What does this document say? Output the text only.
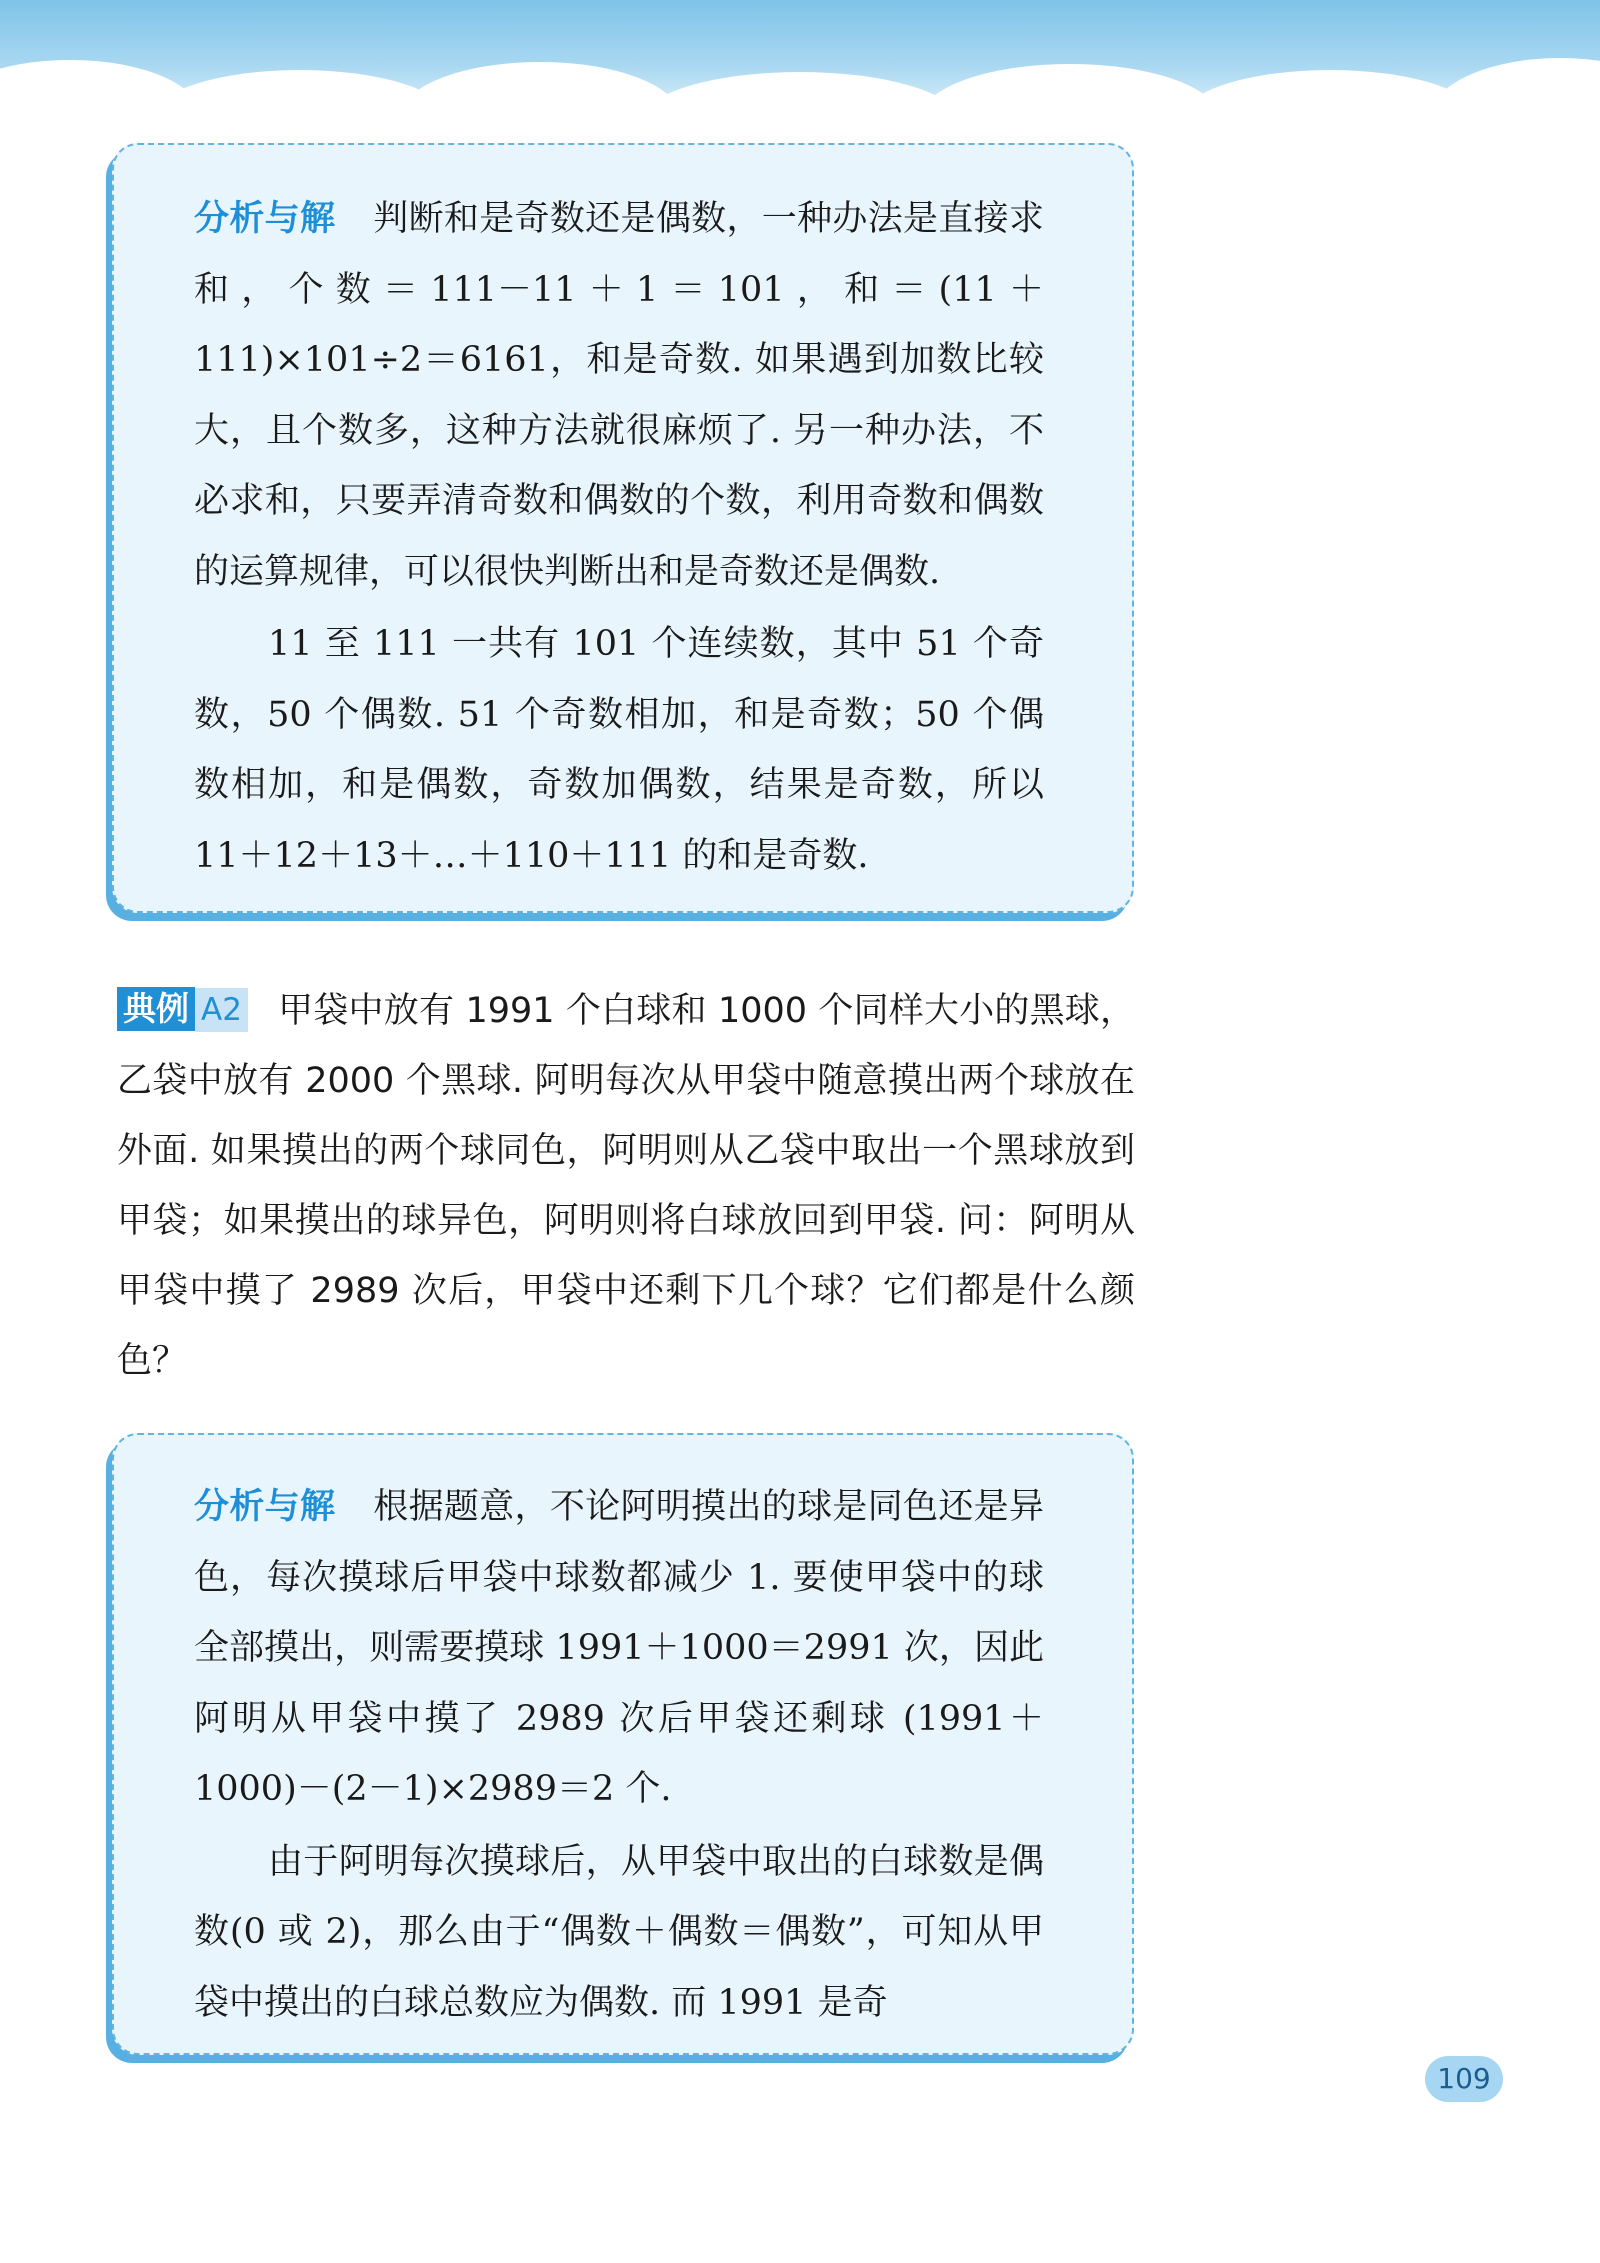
分析与解 判断和是奇数还是偶数，一种办法是直接求和，个数＝111－11＋1＝101，和＝(11＋111)×101÷2＝6161，和是奇数. 如果遇到加数比较大，且个数多，这种方法就很麻烦了. 另一种办法，不必求和，只要弄清奇数和偶数的个数，利用奇数和偶数的运算规律，可以很快判断出和是奇数还是偶数.

11 至 111 一共有 101 个连续数，其中 51 个奇数，50 个偶数. 51 个奇数相加，和是奇数；50 个偶数相加，和是偶数，奇数加偶数，结果是奇数，所以 11＋12＋13＋…＋110＋111 的和是奇数.

典例 A2 甲袋中放有 1991 个白球和 1000 个同样大小的黑球，乙袋中放有 2000 个黑球. 阿明每次从甲袋中随意摸出两个球放在外面. 如果摸出的两个球同色，阿明则从乙袋中取出一个黑球放到甲袋；如果摸出的球异色，阿明则将白球放回到甲袋. 问：阿明从甲袋中摸了 2989 次后，甲袋中还剩下几个球？它们都是什么颜色？

分析与解 根据题意，不论阿明摸出的球是同色还是异色，每次摸球后甲袋中球数都减少 1. 要使甲袋中的球全部摸出，则需要摸球 1991＋1000＝2991 次，因此阿明从甲袋中摸了 2989 次后甲袋还剩球 (1991＋1000)－(2－1)×2989＝2 个.

由于阿明每次摸球后，从甲袋中取出的白球数是偶数(0 或 2)，那么由于“偶数＋偶数＝偶数”，可知从甲袋中摸出的白球总数应为偶数. 而 1991 是奇

109
